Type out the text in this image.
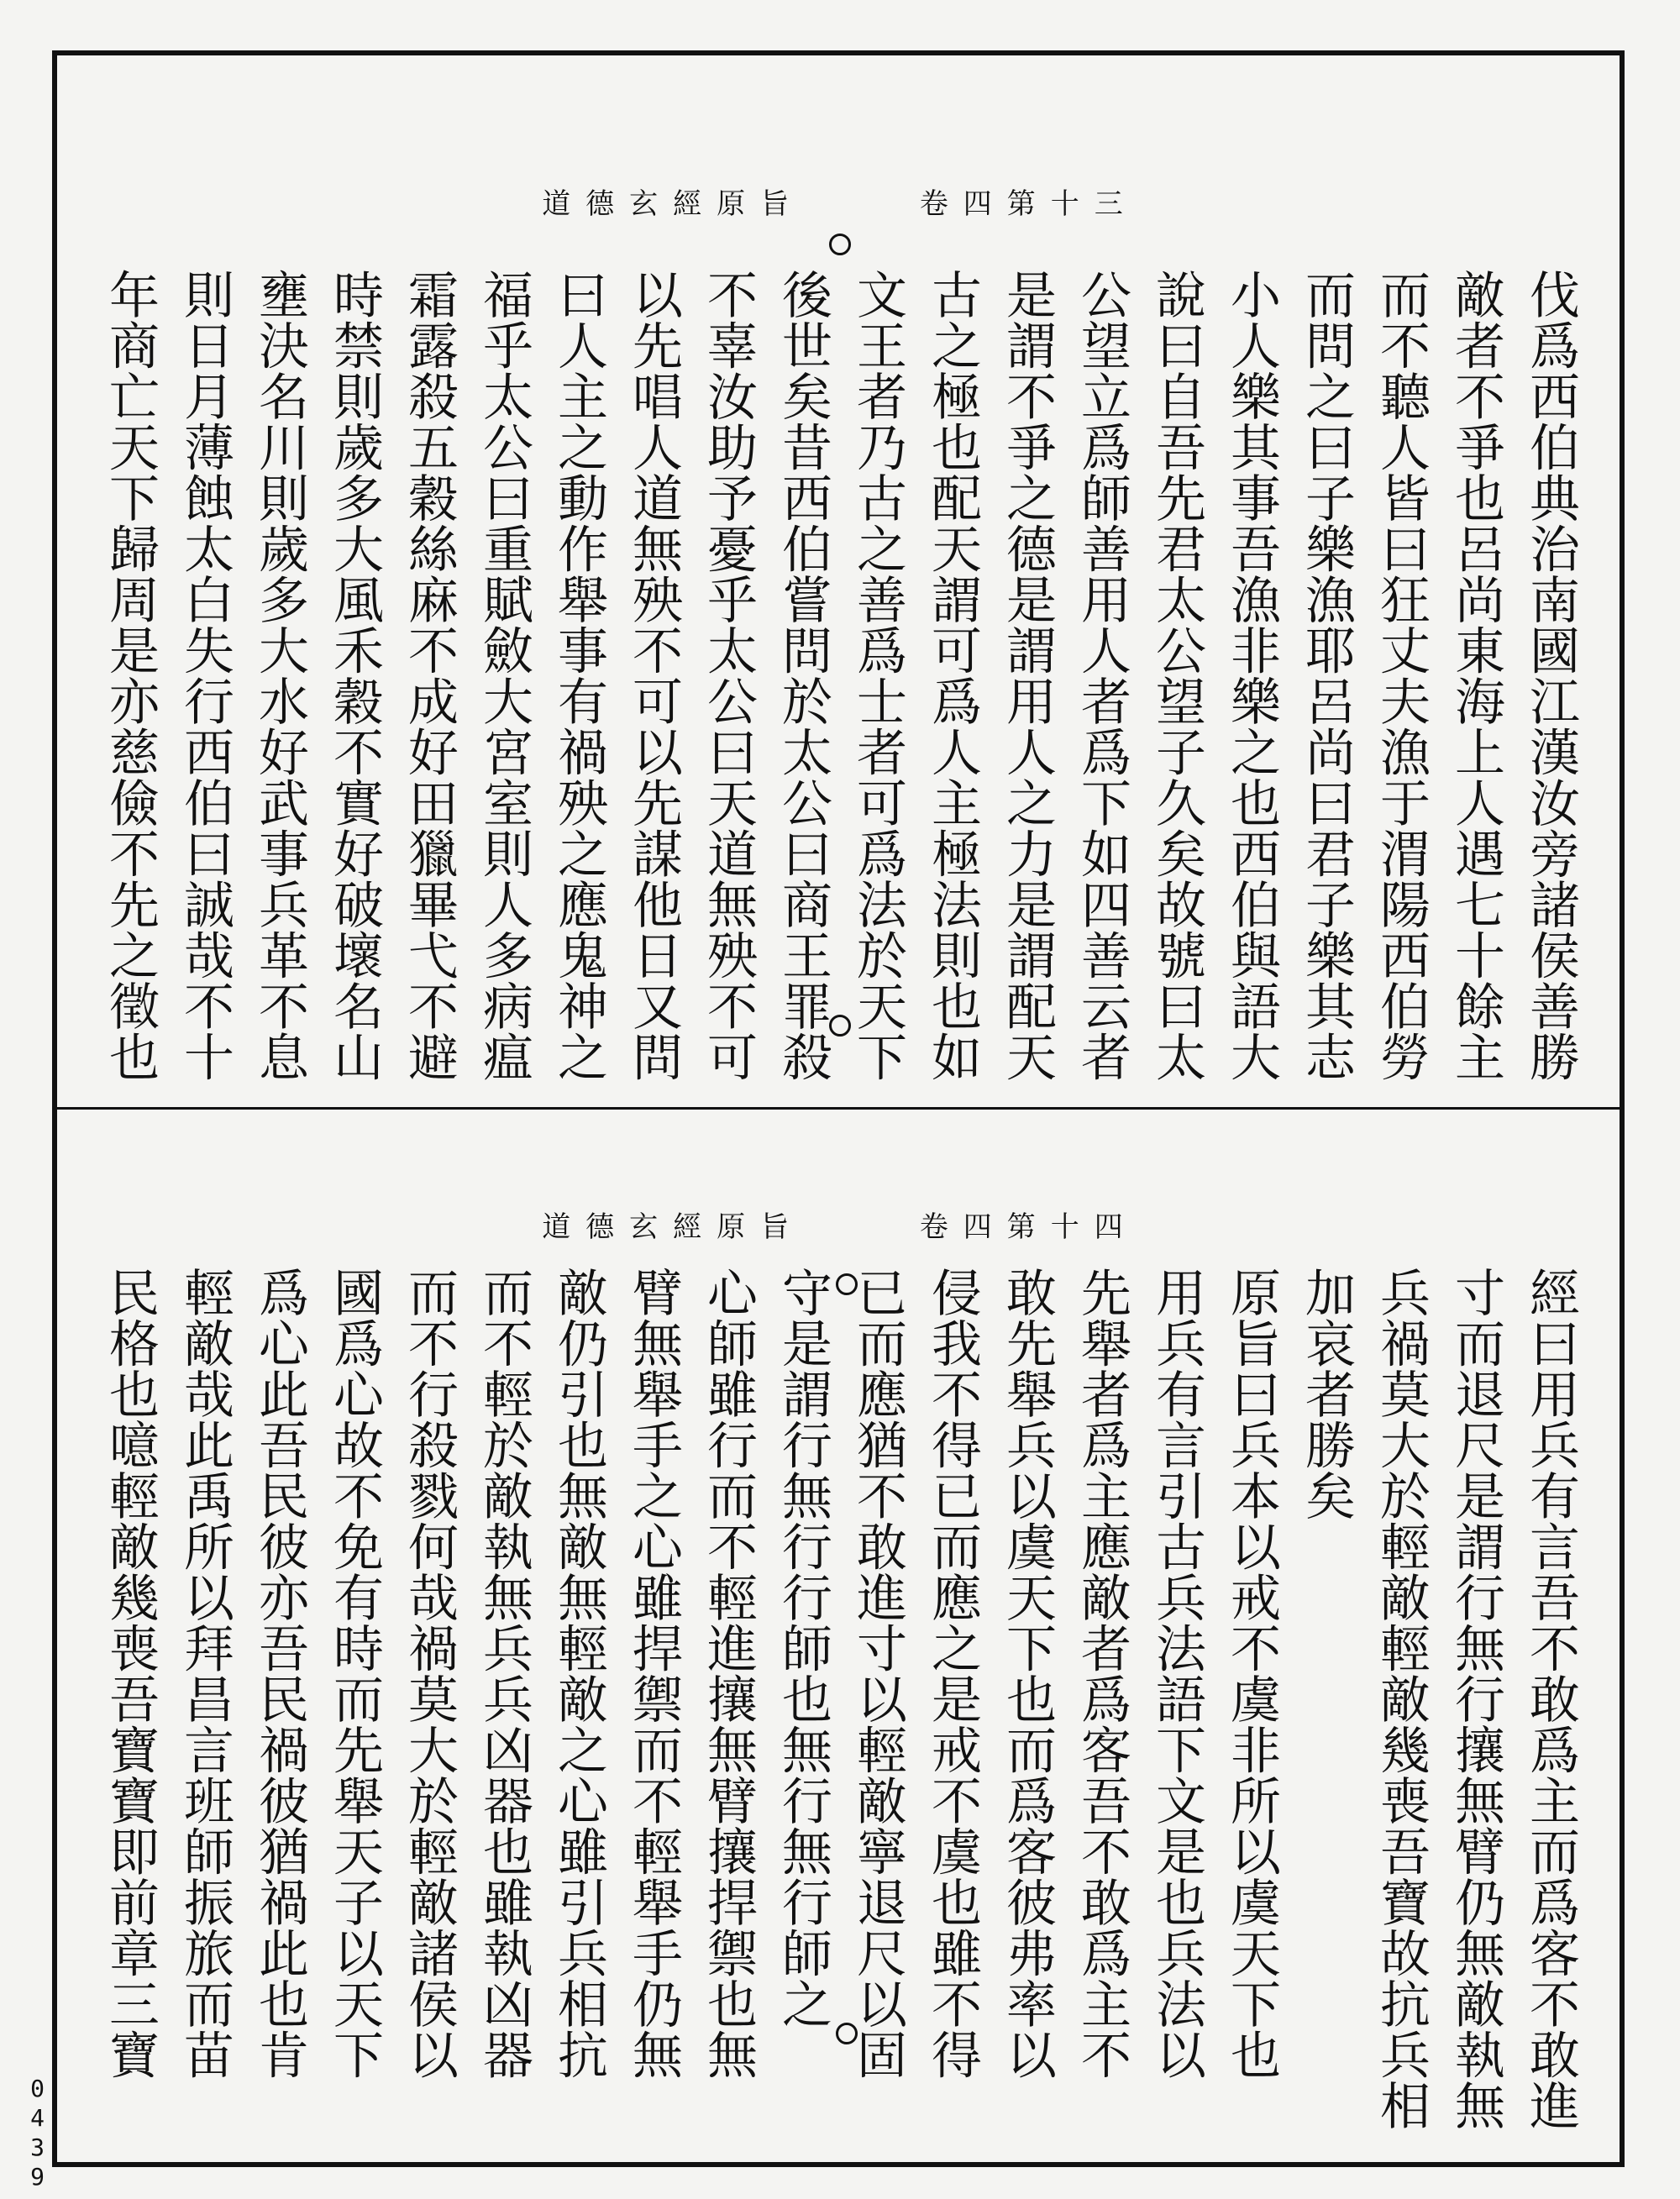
道德玄經原旨	卷四第十三
伐爲西伯典治南國江漢汝旁諸侯善勝
敵者不爭也呂尚東海上人遇七十餘主
而不聽人皆曰狂丈夫漁于渭陽西伯勞
而問之曰子樂漁耶呂尚曰君子樂其志
小人樂其事吾漁非樂之也西伯與語大
說曰自吾先君太公望子久矣故號曰太
公望立爲師善用人者爲下如四善云者
是謂不爭之德是謂用人之力是謂配天
古之極也配天謂可爲人主極法則也如
文王者乃古之善爲士者可爲法於天下
後世矣昔西伯嘗問於太公曰商王罪殺
不辜汝助予憂乎太公曰天道無殃不可
以先唱人道無殃不可以先謀他日又問
曰人主之動作舉事有禍殃之應鬼神之
福乎太公曰重賦斂大宮室則人多病瘟
霜露殺五穀絲麻不成好田獵畢弋不避
時禁則歲多大風禾穀不實好破壞名山
壅決名川則歲多大水好武事兵革不息
則日月薄蝕太白失行西伯曰誠哉不十
年商亡天下歸周是亦慈儉不先之徵也
道德玄經原旨	卷四第十四
經曰用兵有言吾不敢爲主而爲客不敢進
寸而退尺是謂行無行攘無臂仍無敵執無
兵禍莫大於輕敵輕敵幾喪吾寶故抗兵相
加哀者勝矣
原旨曰兵本以戒不虞非所以虞天下也
用兵有言引古兵法語下文是也兵法以
先舉者爲主應敵者爲客吾不敢爲主不
敢先舉兵以虞天下也而爲客彼弗率以
侵我不得已而應之是戒不虞也雖不得
已而應猶不敢進寸以輕敵寧退尺以固
守是謂行無行行師也無行無行師之
心師雖行而不輕進攘無臂攘捍禦也無
臂無舉手之心雖捍禦而不輕舉手仍無
敵仍引也無敵無輕敵之心雖引兵相抗
而不輕於敵執無兵兵凶器也雖執凶器
而不行殺戮何哉禍莫大於輕敵諸侯以
國爲心故不免有時而先舉天子以天下
爲心此吾民彼亦吾民禍彼猶禍此也肯
輕敵哉此禹所以拜昌言班師振旅而苗
民格也噫輕敵幾喪吾寶寶即前章三寶
0439
